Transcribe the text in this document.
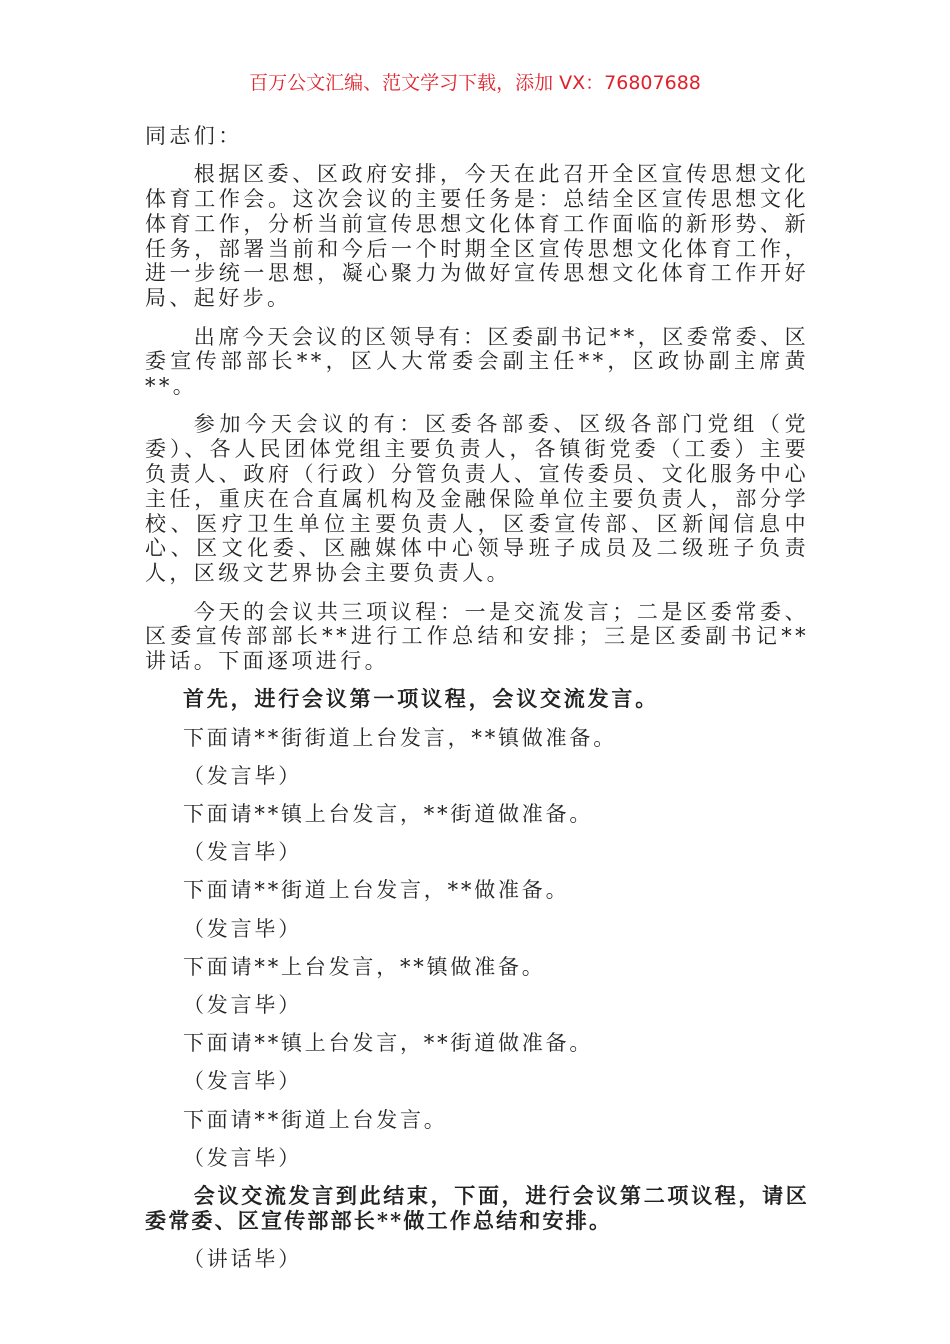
百万公文汇编、范文学习下载，添加 VX：76807688

同志们：

根据区委、区政府安排，今天在此召开全区宣传思想文化体育工作会。这次会议的主要任务是：总结全区宣传思想文化体育工作，分析当前宣传思想文化体育工作面临的新形势、新任务，部署当前和今后一个时期全区宣传思想文化体育工作，进一步统一思想，凝心聚力为做好宣传思想文化体育工作开好局、起好步。

出席今天会议的区领导有：区委副书记**，区委常委、区委宣传部部长**，区人大常委会副主任**，区政协副主席黄**。

参加今天会议的有：区委各部委、区级各部门党组（党委）、各人民团体党组主要负责人，各镇街党委（工委）主要负责人、政府（行政）分管负责人、宣传委员、文化服务中心主任，重庆在合直属机构及金融保险单位主要负责人，部分学校、医疗卫生单位主要负责人，区委宣传部、区新闻信息中心、区文化委、区融媒体中心领导班子成员及二级班子负责人，区级文艺界协会主要负责人。

今天的会议共三项议程：一是交流发言；二是区委常委、区委宣传部部长**进行工作总结和安排；三是区委副书记**讲话。下面逐项进行。

首先，进行会议第一项议程，会议交流发言。

下面请**街街道上台发言，**镇做准备。

（发言毕）

下面请**镇上台发言，**街道做准备。

（发言毕）

下面请**街道上台发言，**做准备。

（发言毕）

下面请**上台发言，**镇做准备。

（发言毕）

下面请**镇上台发言，**街道做准备。

（发言毕）

下面请**街道上台发言。

（发言毕）

会议交流发言到此结束，下面，进行会议第二项议程，请区委常委、区宣传部部长**做工作总结和安排。

（讲话毕）
